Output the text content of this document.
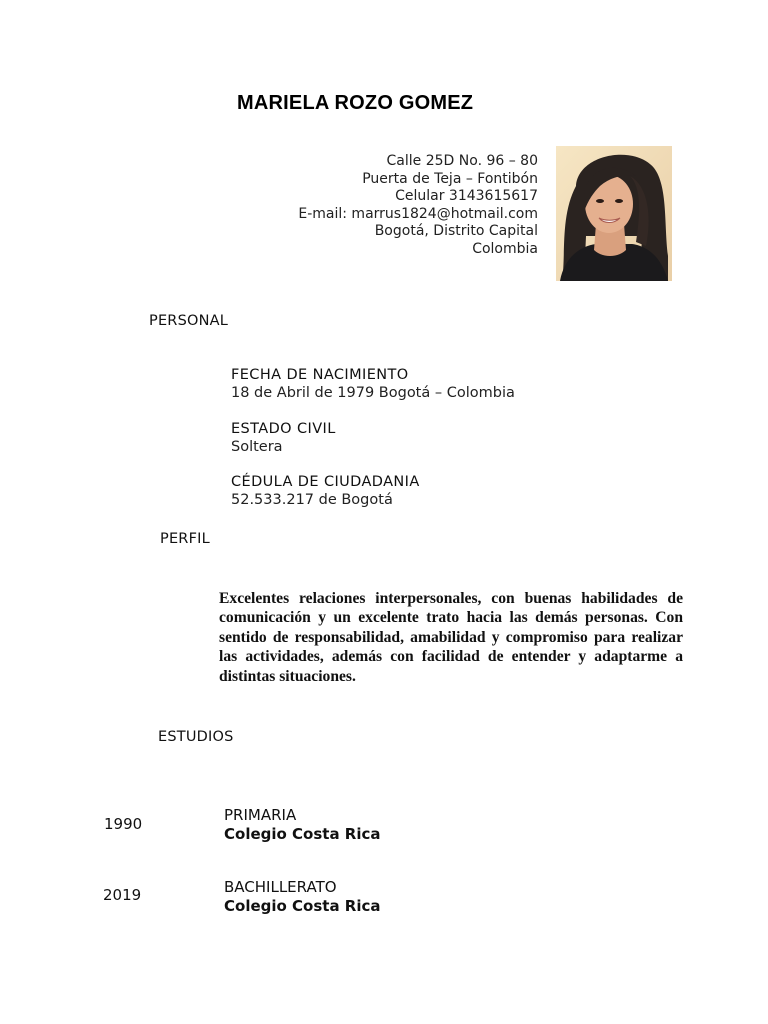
MARIELA ROZO GOMEZ
Calle 25D No. 96 – 80
Puerta de Teja – Fontibón
Celular 3143615617
E-mail: marrus1824@hotmail.com
Bogotá, Distrito Capital
Colombia
PERSONAL
FECHA DE NACIMIENTO
18 de Abril de 1979 Bogotá – Colombia
ESTADO CIVIL
Soltera
CÉDULA DE CIUDADANIA
52.533.217 de Bogotá
PERFIL
Excelentes relaciones interpersonales, con buenas habilidades de comunicación y un excelente trato hacia las demás personas. Con sentido de responsabilidad, amabilidad y compromiso para realizar las actividades, además con facilidad de entender y adaptarme a distintas situaciones.
ESTUDIOS
1990	PRIMARIA
Colegio Costa Rica
2019	BACHILLERATO
Colegio Costa Rica
